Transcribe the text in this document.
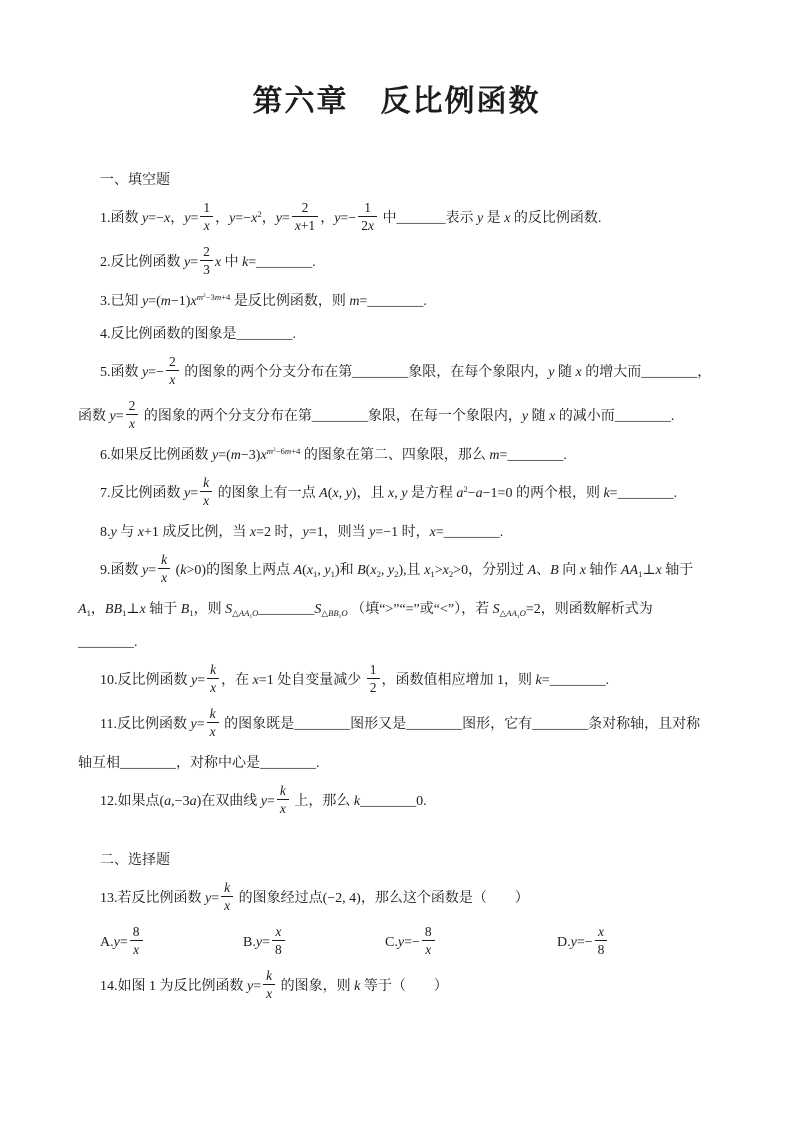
第六章　反比例函数
一、填空题
1.函数 y=−x，$y= \frac{1}{x}$ ，$y=-x^2$，$y= \frac{2}{x+1}$ ，$y=- \frac{1}{2x}$ 中_______表示 y 是 x 的反比例函数.
2.反比例函数 $y= \frac{2}{3}$ x 中 k=________.
3.已知 $y=(m-1)x^{m^2-3m+4}$ 是反比例函数，则 m=________.
4.反比例函数的图象是________.
5.函数 $y=- \frac{2}{x}$ 的图象的两个分支分布在第________象限，在每个象限内，y 随 x 的增大而________，
函数 $y= \frac{2}{x}$ 的图象的两个分支分布在第________象限，在每一个象限内，y 随 x 的减小而________.
6.如果反比例函数 $y=(m-3)x^{m^2-6m+4}$ 的图象在第二、四象限，那么 m=________.
7.反比例函数 $y= \frac{k}{x}$ 的图象上有一点 A(x, y)，且 x, y 是方程 $a^2-a-1=0$ 的两个根，则 k=________.
8.y 与 x+1 成反比例，当 x=2 时，y=1，则当 y=−1 时，x=________.
9.函数 $y= \frac{k}{x} (k>0)$的图象上两点 $A(x_1$, $y_1$)和 $B(x_2$, $y_2$),且 $x_1>x_2>0$，分别过 A、B 向 x 轴作 $AA_1\perp x$ 轴于
$A_1$，$BB_1\perp x$ 轴于 $B_1$，则 $S_{\triangle AA_1O}\_\_\_\_\_\_\_\_S_{\triangle BB_1O}$ （填“>”“=”或“<”），若 $S_{\triangle AA_1O}=2$，则函数解析式为
________.
10.反比例函数 $y= \frac{k}{x}$ ，在 x=1 处自变量减少 $\frac{1}{2}$ ，函数值相应增加 1，则 k=________.
11.反比例函数 $y= \frac{k}{x}$ 的图象既是________图形又是________图形，它有________条对称轴，且对称
轴互相________，对称中心是________.
12.如果点(a,−3a)在双曲线 $y= \frac{k}{x}$ 上，那么 k________0.
二、选择题
13.若反比例函数 $y= \frac{k}{x}$ 的图象经过点(−2, 4)，那么这个函数是（　　）
$A.y= \frac{8}{x}$	$B.y= \frac{x}{8}$	$C.y=- \frac{8}{x}$	$D.y=- \frac{x}{8}$
14.如图 1 为反比例函数 $y= \frac{k}{x}$ 的图象，则 k 等于（　　）
